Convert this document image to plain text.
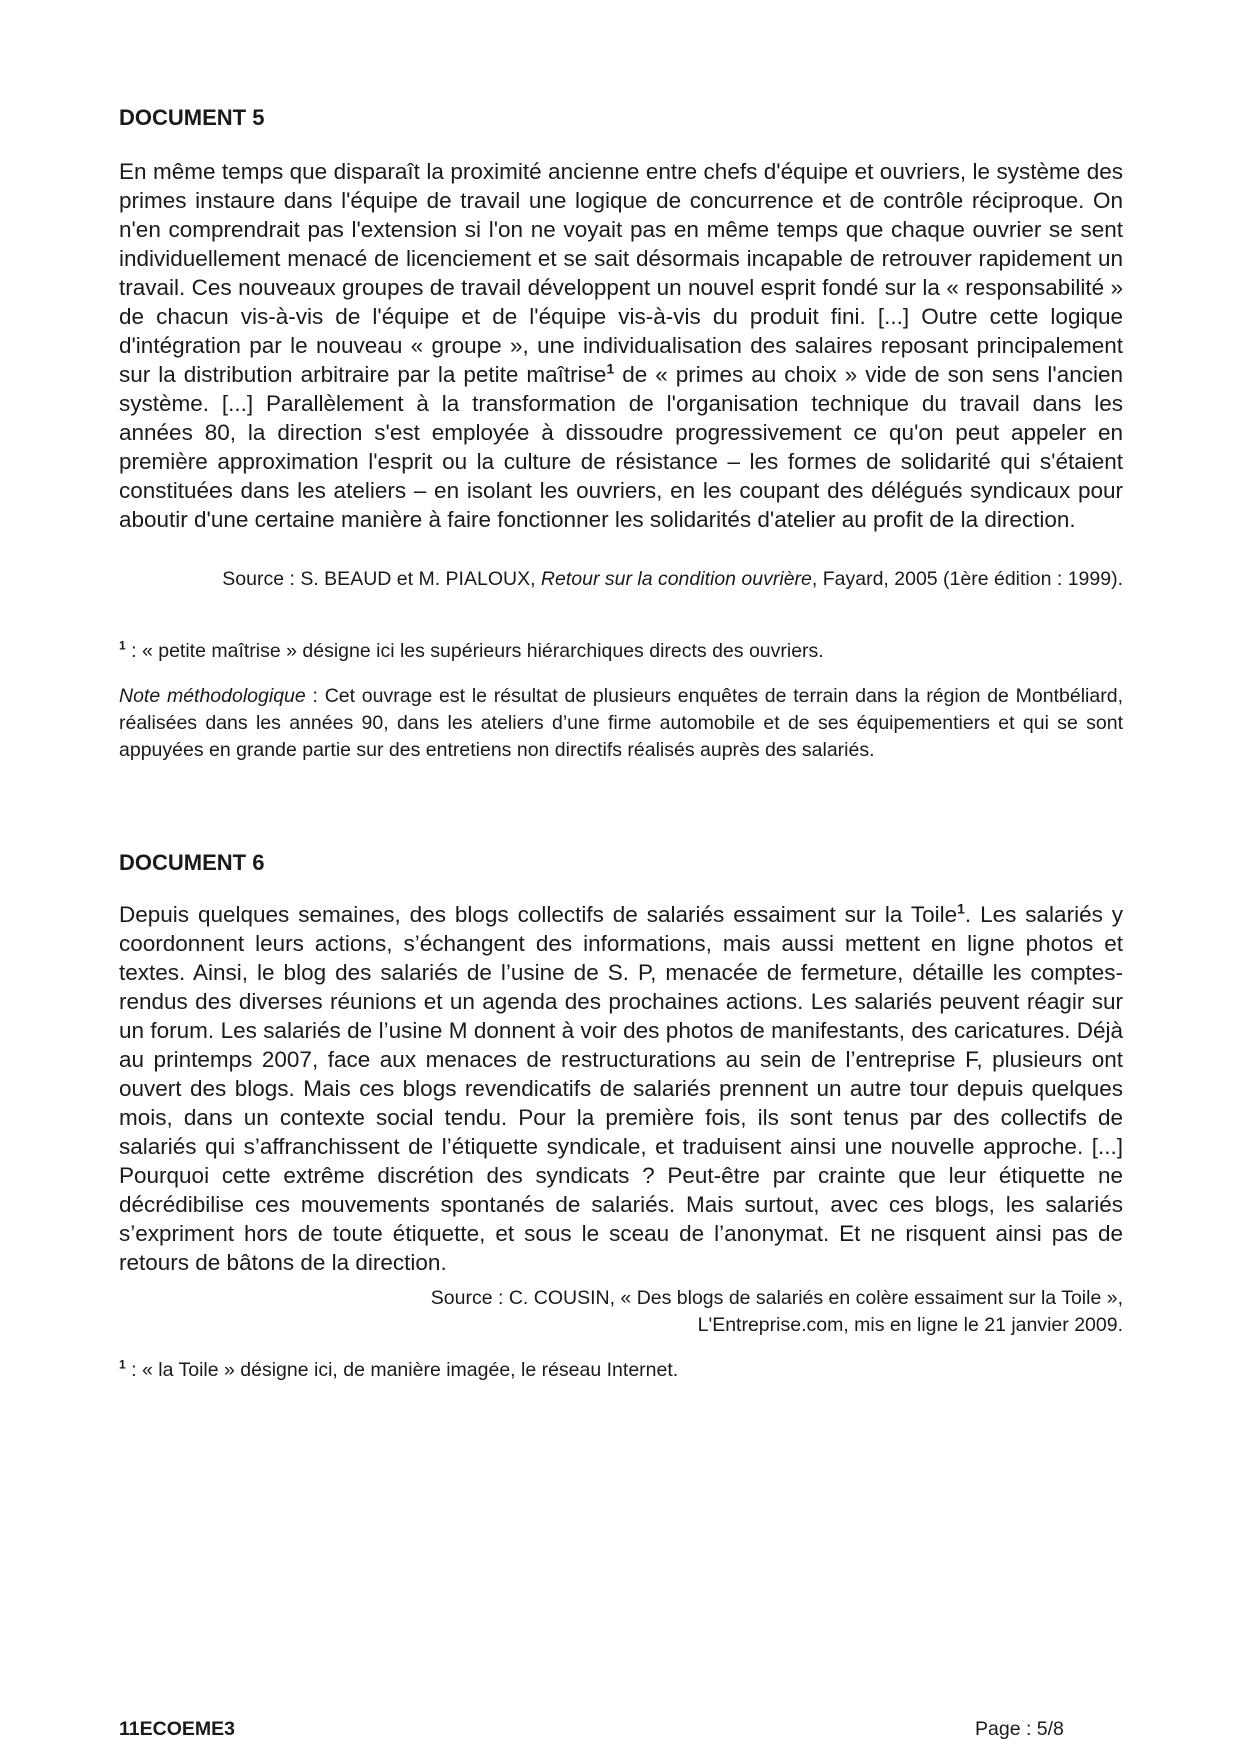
DOCUMENT 5

En même temps que disparaît la proximité ancienne entre chefs d'équipe et ouvriers, le système des primes instaure dans l'équipe de travail une logique de concurrence et de contrôle réciproque. On n'en comprendrait pas l'extension si l'on ne voyait pas en même temps que chaque ouvrier se sent individuellement menacé de licenciement et se sait désormais incapable de retrouver rapidement un travail. Ces nouveaux groupes de travail développent un nouvel esprit fondé sur la « responsabilité » de chacun vis-à-vis de l'équipe et de l'équipe vis-à-vis du produit fini. [...] Outre cette logique d'intégration par le nouveau « groupe », une individualisation des salaires reposant principalement sur la distribution arbitraire par la petite maîtrise$^1$ de « primes au choix » vide de son sens l'ancien système. [...] Parallèlement à la transformation de l'organisation technique du travail dans les années 80, la direction s'est employée à dissoudre progressivement ce qu'on peut appeler en première approximation l'esprit ou la culture de résistance – les formes de solidarité qui s'étaient constituées dans les ateliers – en isolant les ouvriers, en les coupant des délégués syndicaux pour aboutir d'une certaine manière à faire fonctionner les solidarités d'atelier au profit de la direction.

Source : S. BEAUD et M. PIALOUX, Retour sur la condition ouvrière, Fayard, 2005 (1ère édition : 1999).

$^1$ : « petite maîtrise » désigne ici les supérieurs hiérarchiques directs des ouvriers.

Note méthodologique : Cet ouvrage est le résultat de plusieurs enquêtes de terrain dans la région de Montbéliard, réalisées dans les années 90, dans les ateliers d’une firme automobile et de ses équipementiers et qui se sont appuyées en grande partie sur des entretiens non directifs réalisés auprès des salariés.

DOCUMENT 6

Depuis quelques semaines, des blogs collectifs de salariés essaiment sur la Toile$^1$. Les salariés y coordonnent leurs actions, s’échangent des informations, mais aussi mettent en ligne photos et textes. Ainsi, le blog des salariés de l’usine de S. P, menacée de fermeture, détaille les comptes-rendus des diverses réunions et un agenda des prochaines actions. Les salariés peuvent réagir sur un forum. Les salariés de l’usine M donnent à voir des photos de manifestants, des caricatures. Déjà au printemps 2007, face aux menaces de restructurations au sein de l’entreprise F, plusieurs ont ouvert des blogs. Mais ces blogs revendicatifs de salariés prennent un autre tour depuis quelques mois, dans un contexte social tendu. Pour la première fois, ils sont tenus par des collectifs de salariés qui s’affranchissent de l’étiquette syndicale, et traduisent ainsi une nouvelle approche. [...] Pourquoi cette extrême discrétion des syndicats ? Peut-être par crainte que leur étiquette ne décrédibilise ces mouvements spontanés de salariés. Mais surtout, avec ces blogs, les salariés s’expriment hors de toute étiquette, et sous le sceau de l’anonymat. Et ne risquent ainsi pas de retours de bâtons de la direction.

Source : C. COUSIN, « Des blogs de salariés en colère essaiment sur la Toile »,
L'Entreprise.com, mis en ligne le 21 janvier 2009.

$^1$ : « la Toile » désigne ici, de manière imagée, le réseau Internet.

11ECOEME3	Page : 5/8
